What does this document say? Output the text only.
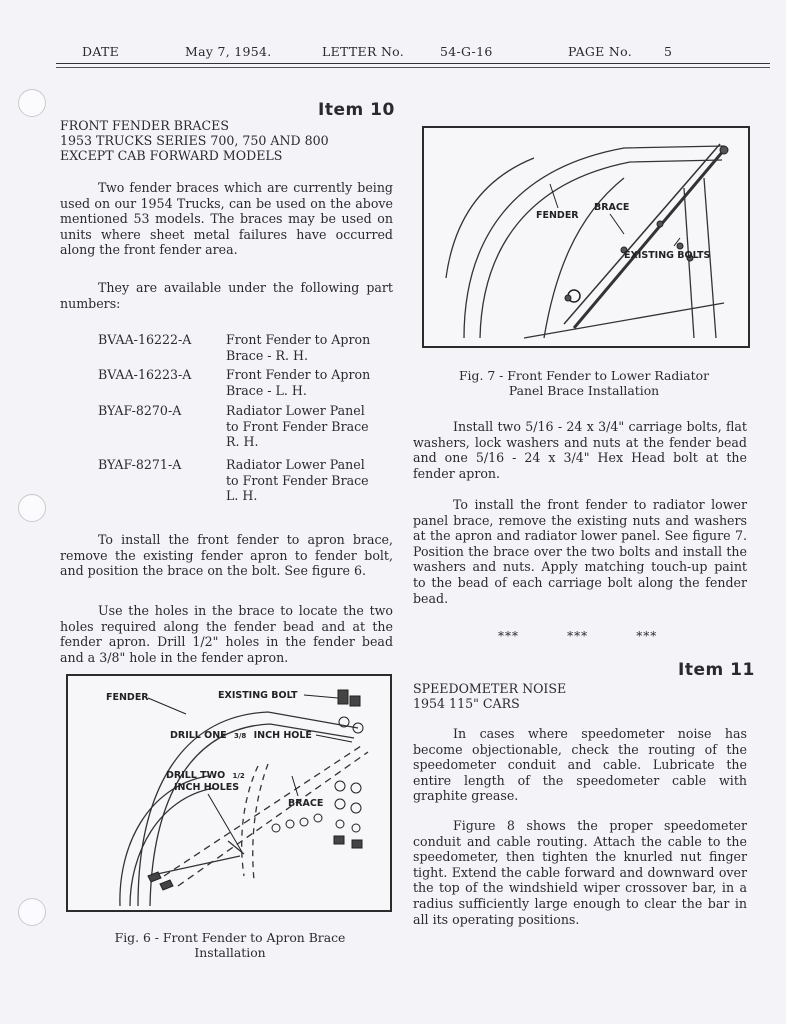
DATE	May 7, 1954.	LETTER No.	54-G-16	PAGE No.	5
Item 10
FRONT FENDER BRACES
1953 TRUCKS SERIES 700, 750 AND 800
EXCEPT CAB FORWARD MODELS
Two fender braces which are currently being used on our 1954 Trucks, can be used on the above mentioned 53 models. The braces may be used on units where sheet metal failures have occurred along the front fender area.
They are available under the following part numbers:
BVAA-16222-A	Front Fender to Apron
Brace - R. H.
BVAA-16223-A	Front Fender to Apron
Brace - L. H.
BYAF-8270-A	Radiator Lower Panel
to Front Fender Brace
R. H.
BYAF-8271-A	Radiator Lower Panel
to Front Fender Brace
L. H.
To install the front fender to apron brace, remove the existing fender apron to fender bolt, and position the brace on the bolt. See figure 6.
Use the holes in the brace to locate the two holes required along the fender bead and at the fender apron. Drill 1/2" holes in the fender bead and a 3/8" hole in the fender apron.
FENDER	EXISTING BOLT
DRILL ONE 3/8 INCH HOLE
DRILL TWO 1/2
INCH HOLES
BRACE
Fig. 6 - Front Fender to Apron Brace
Installation
FENDER
BRACE
EXISTING BOLTS
Fig. 7 - Front Fender to Lower Radiator
Panel Brace Installation
Install two 5/16 - 24 x 3/4" carriage bolts, flat washers, lock washers and nuts at the fender bead and one 5/16 - 24 x 3/4" Hex Head bolt at the fender apron.
To install the front fender to radiator lower panel brace, remove the existing nuts and washers at the apron and radiator lower panel. See figure 7. Position the brace over the two bolts and install the washers and nuts. Apply matching touch-up paint to the bead of each carriage bolt along the fender bead.
***          ***          ***
Item 11
SPEEDOMETER NOISE
1954 115" CARS
In cases where speedometer noise has become objectionable, check the routing of the speedometer conduit and cable. Lubricate the entire length of the speedometer cable with graphite grease.
Figure 8 shows the proper speedometer conduit and cable routing. Attach the cable to the speedometer, then tighten the knurled nut finger tight. Extend the cable forward and downward over the top of the windshield wiper crossover bar, in a radius sufficiently large enough to clear the bar in all its operating positions.
